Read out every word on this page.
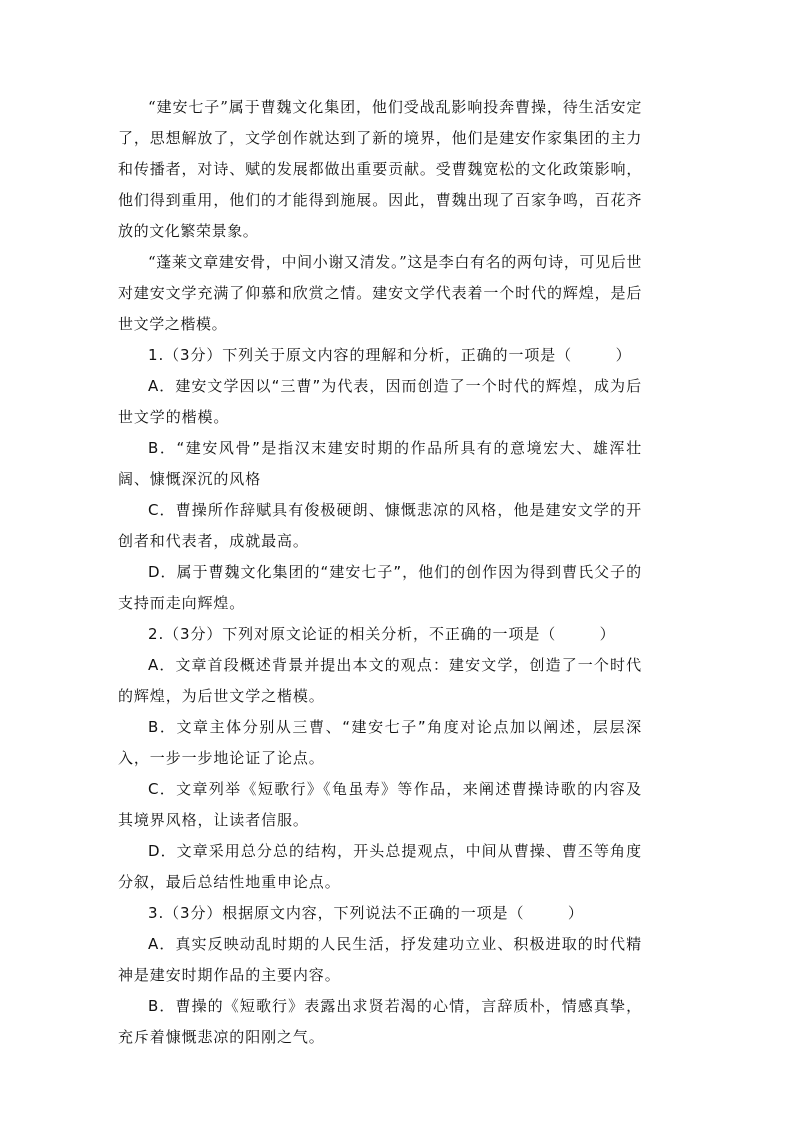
“建安七子”属于曹魏文化集团，他们受战乱影响投奔曹操，待生活安定了，思想解放了，文学创作就达到了新的境界，他们是建安作家集团的主力和传播者，对诗、赋的发展都做出重要贡献。受曹魏宽松的文化政策影响，他们得到重用，他们的才能得到施展。因此，曹魏出现了百家争鸣，百花齐放的文化繁荣景象。

“蓬莱文章建安骨，中间小谢又清发。”这是李白有名的两句诗，可见后世对建安文学充满了仰慕和欣赏之情。建安文学代表着一个时代的辉煌，是后世文学之楷模。

1.（3分）下列关于原文内容的理解和分析，正确的一项是（	）

A．建安文学因以“三曹”为代表，因而创造了一个时代的辉煌，成为后世文学的楷模。

B．“建安风骨”是指汉末建安时期的作品所具有的意境宏大、雄浑壮阔、慷慨深沉的风格

C．曹操所作辞赋具有俊极硬朗、慷慨悲凉的风格，他是建安文学的开创者和代表者，成就最高。

D．属于曹魏文化集团的“建安七子”，他们的创作因为得到曹氏父子的支持而走向辉煌。

2.（3分）下列对原文论证的相关分析，不正确的一项是（	）

A．文章首段概述背景并提出本文的观点：建安文学，创造了一个时代的辉煌，为后世文学之楷模。

B．文章主体分别从三曹、“建安七子”角度对论点加以阐述，层层深入，一步一步地论证了论点。

C．文章列举《短歌行》《龟虽寿》等作品，来阐述曹操诗歌的内容及其境界风格，让读者信服。

D．文章采用总分总的结构，开头总提观点，中间从曹操、曹丕等角度分叙，最后总结性地重申论点。

3.（3分）根据原文内容，下列说法不正确的一项是（	）

A．真实反映动乱时期的人民生活，抒发建功立业、积极进取的时代精神是建安时期作品的主要内容。

B．曹操的《短歌行》表露出求贤若渴的心情，言辞质朴，情感真挚，充斥着慷慨悲凉的阳刚之气。
